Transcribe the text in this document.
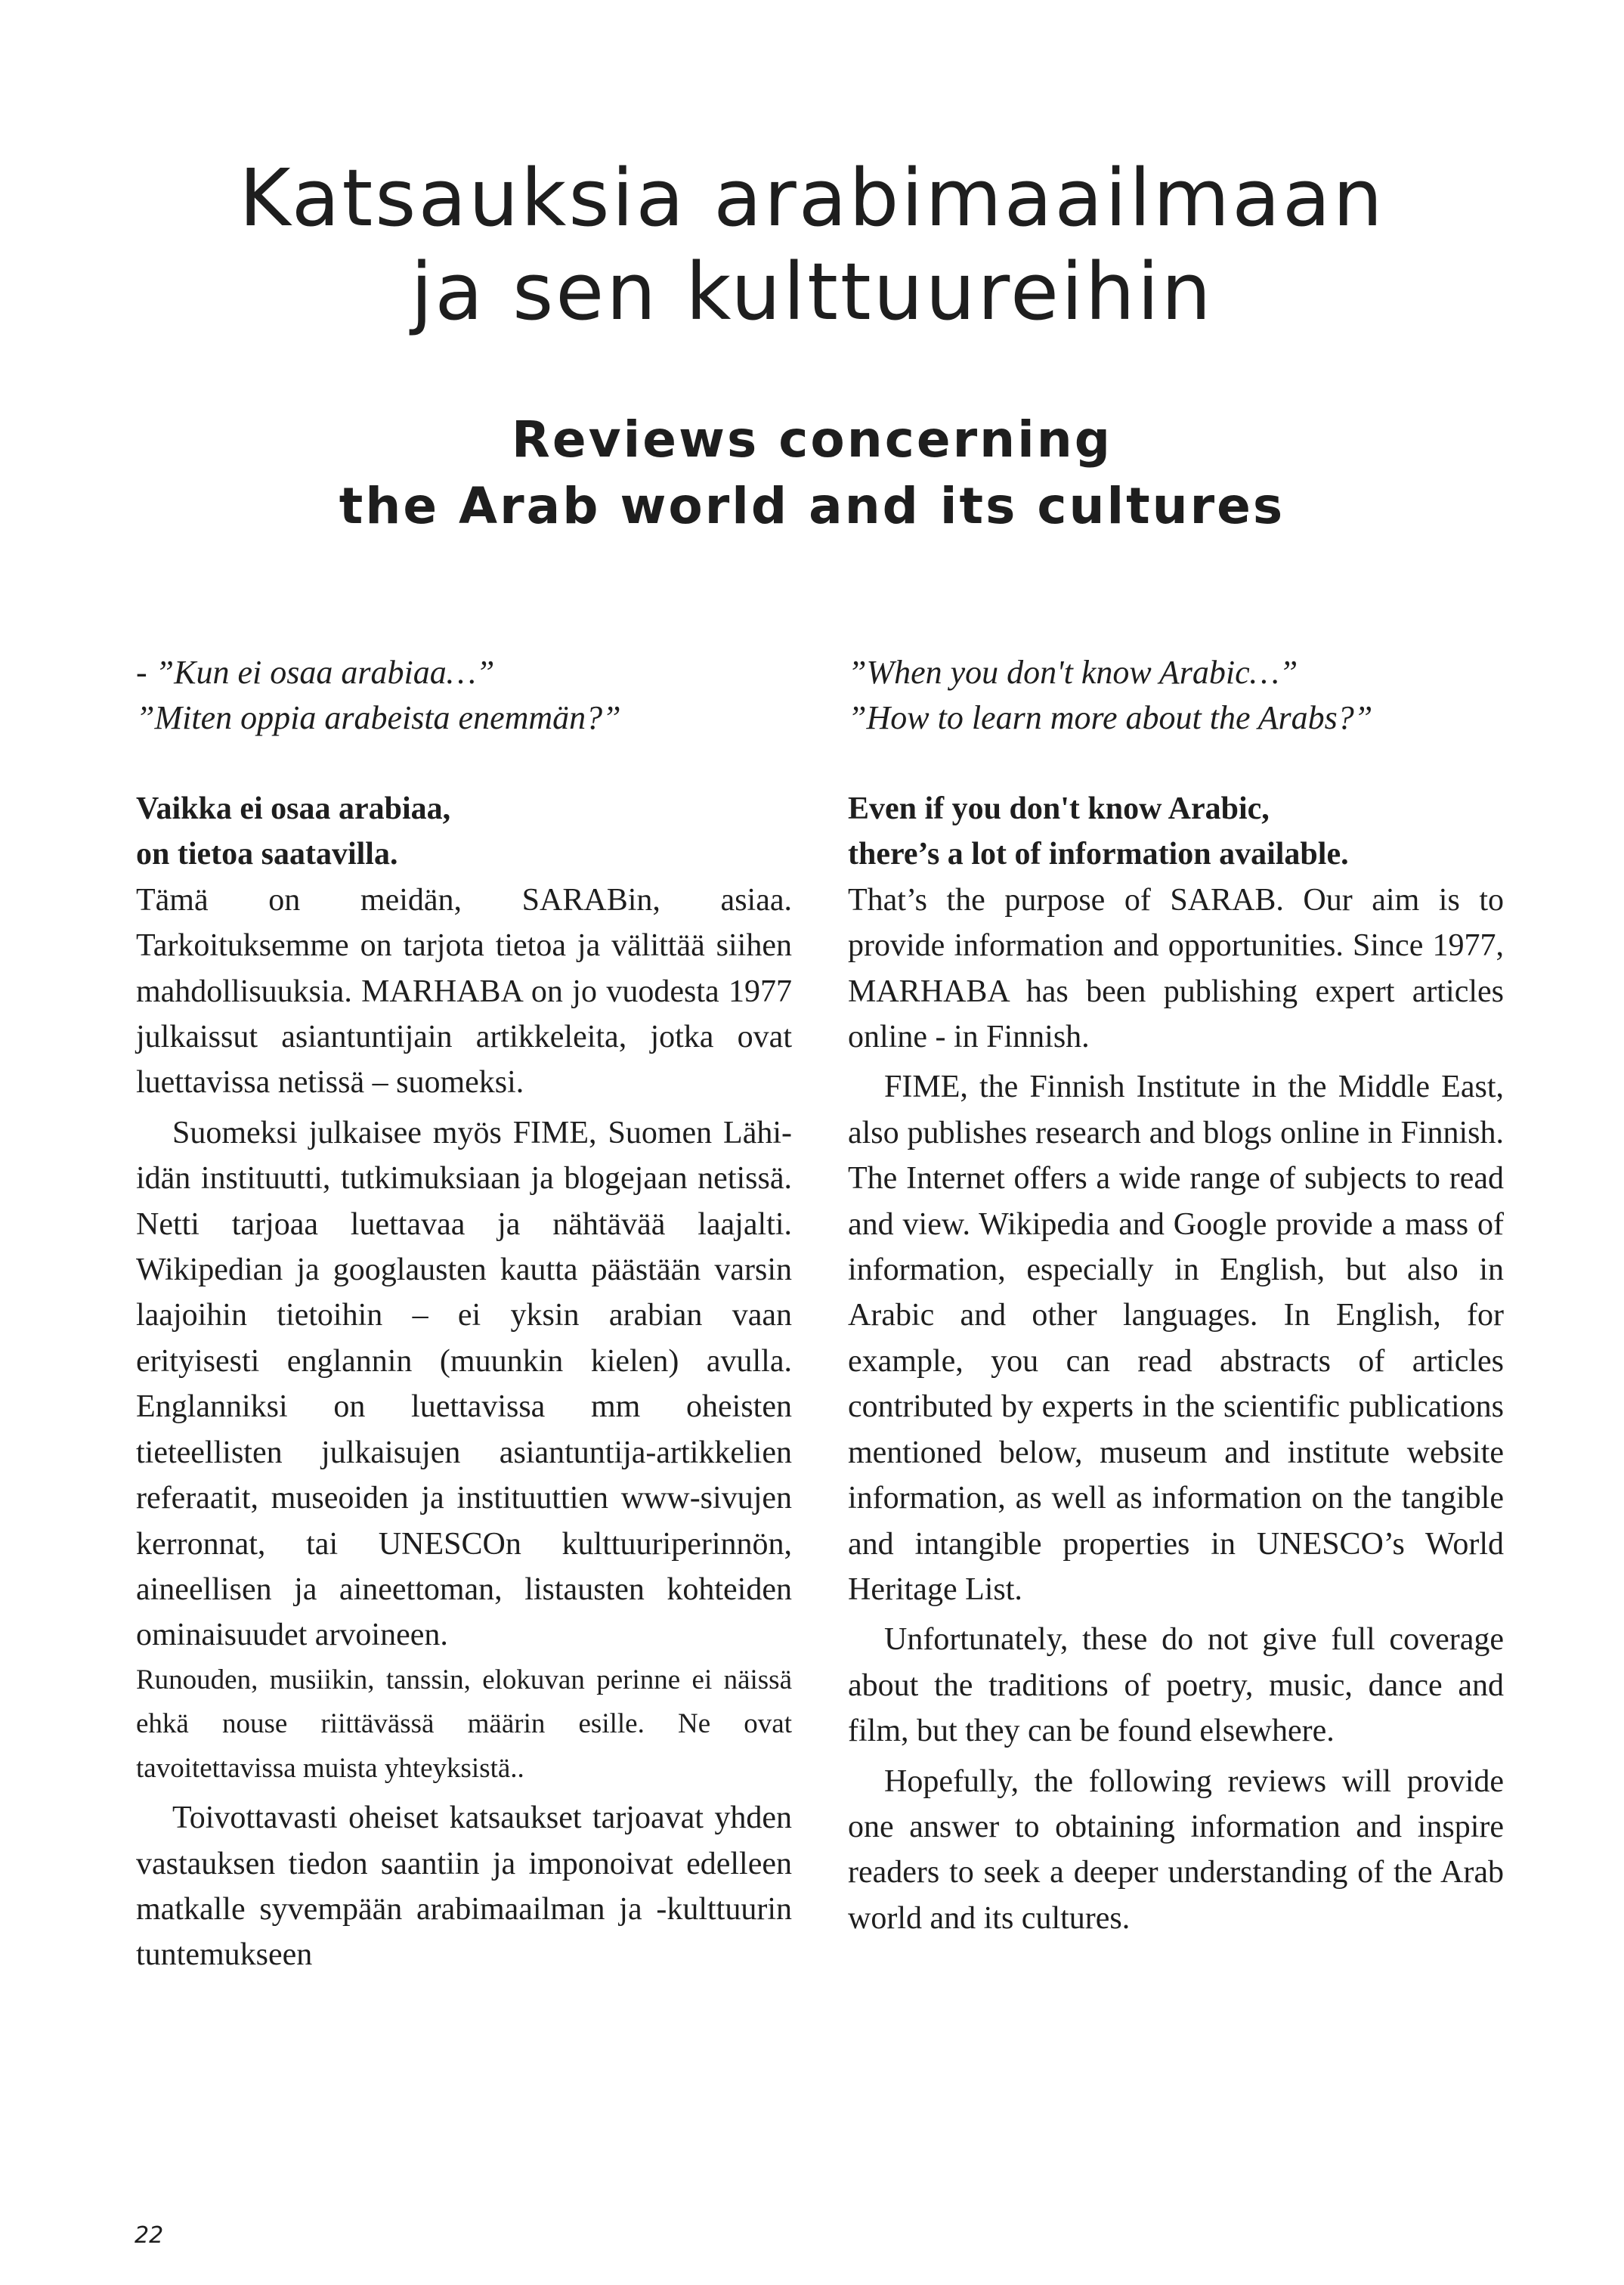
Katsauksia arabimaailmaan
ja sen kulttuureihin
Reviews concerning
the Arab world and its cultures
- ”Kun ei osaa arabiaa…”
”Miten oppia arabeista enemmän?”
Vaikka ei osaa arabiaa,
on tietoa saatavilla.

Tämä on meidän, SARABin, asiaa. Tarkoituksemme on tarjota tietoa ja välittää siihen mahdollisuuksia. MARHABA on jo vuodesta 1977 julkaissut asiantuntijain artikkeleita, jotka ovat luettavissa netissä – suomeksi.

Suomeksi julkaisee myös FIME, Suomen Lähi-idän instituutti, tutkimuksiaan ja blogejaan netissä. Netti tarjoaa luettavaa ja nähtävää laajalti. Wikipedian ja googlausten kautta päästään varsin laajoihin tietoihin – ei yksin arabian vaan erityisesti englannin (muunkin kielen) avulla. Englanniksi on luettavissa mm oheisten tieteellisten julkaisujen asiantuntija-artikkelien referaatit, museoiden ja instituuttien www-sivujen kerronnat, tai UNESCOn kulttuuriperinnön, aineellisen ja aineettoman, listausten kohteiden ominaisuudet arvoineen.

Runouden, musiikin, tanssin, elokuvan perinne ei näissä ehkä nouse riittävässä määrin esille. Ne ovat tavoitettavissa muista yhteyksistä..

Toivottavasti oheiset katsaukset tarjoavat yhden vastauksen tiedon saantiin ja imponoivat edelleen matkalle syvempään arabimaailman ja -kulttuurin tuntemukseen

”When you don't know Arabic…”
”How to learn more about the Arabs?”
Even if you don't know Arabic,
there’s a lot of information available.

That’s the purpose of SARAB. Our aim is to provide information and opportunities. Since 1977, MARHABA has been publishing expert articles online - in Finnish.

FIME, the Finnish Institute in the Middle East, also publishes research and blogs online in Finnish. The Internet offers a wide range of subjects to read and view. Wikipedia and Google provide a mass of information, especially in English, but also in Arabic and other languages. In English, for example, you can read abstracts of articles contributed by experts in the scientific publications mentioned below, museum and institute website information, as well as information on the tangible and intangible properties in UNESCO’s World Heritage List.

Unfortunately, these do not give full coverage about the traditions of poetry, music, dance and film, but they can be found elsewhere.

Hopefully, the following reviews will provide one answer to obtaining information and inspire readers to seek a deeper understanding of the Arab world and its cultures.

22
